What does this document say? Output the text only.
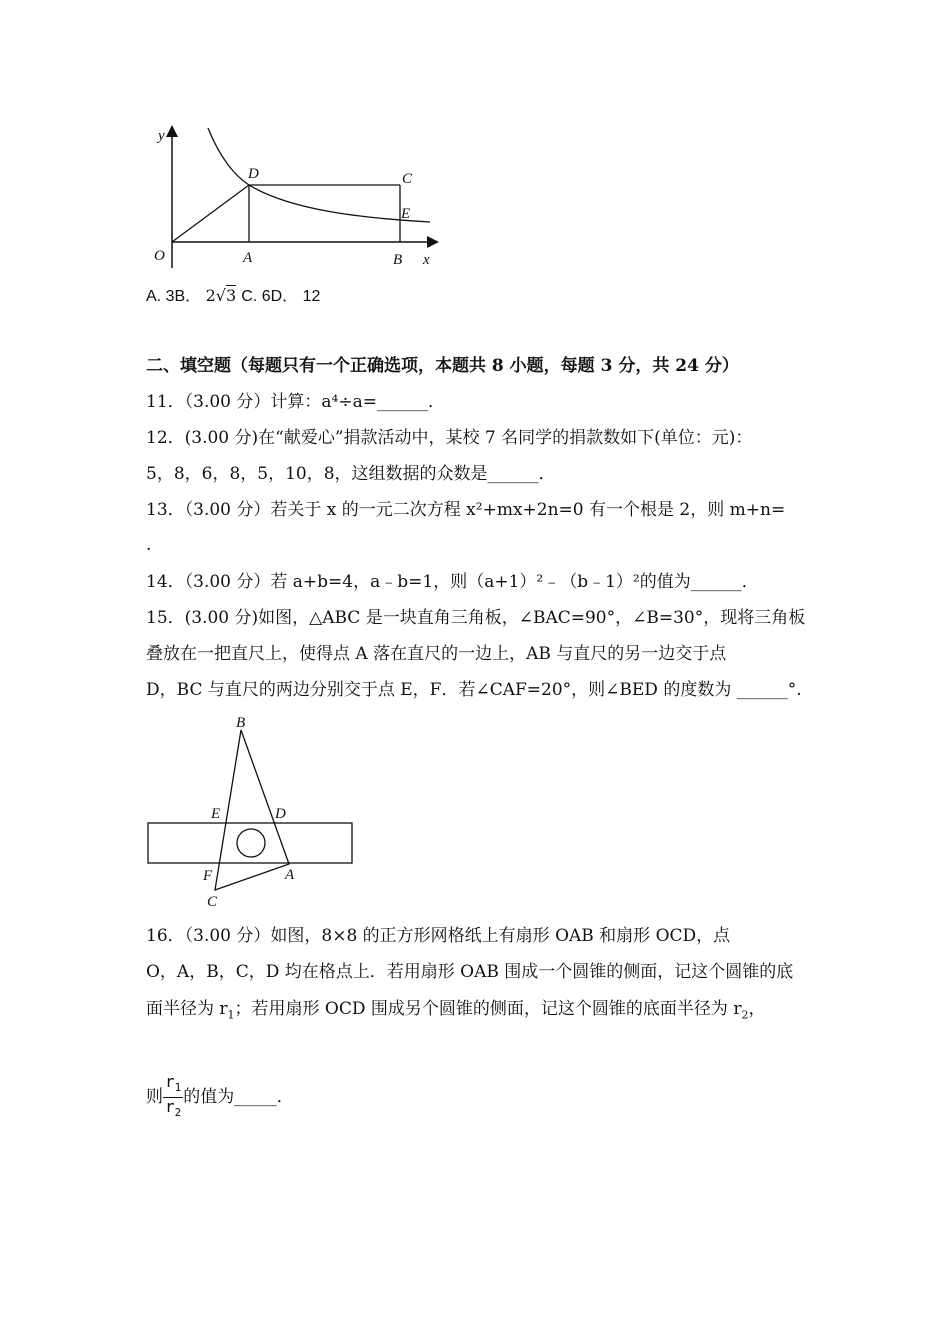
y
O	A	B x
D	C
E
A. 3B． 2√3 C. 6D． 12
二、填空题（每题只有一个正确选项，本题共 8 小题，每题 3 分，共 24 分）
11．（3.00 分）计算：a⁴÷a=______．
12．(3.00 分)在“献爱心”捐款活动中，某校 7 名同学的捐款数如下(单位：元)：
5，8，6，8，5，10，8，这组数据的众数是______．
13．（3.00 分）若关于 x 的一元二次方程 x²+mx+2n=0 有一个根是 2，则 m+n=
.
14．（3.00 分）若 a+b=4，a﹣b=1，则（a+1）²﹣（b﹣1）²的值为______．
15．(3.00 分)如图，△ABC 是一块直角三角板，∠BAC=90°，∠B=30°，现将三角板
叠放在一把直尺上，使得点 A 落在直尺的一边上，AB 与直尺的另一边交于点
D，BC 与直尺的两边分别交于点 E，F．若∠CAF=20°，则∠BED 的度数为 ______°.
B
E	D
F	A
C
16．（3.00 分）如图，8×8 的正方形网格纸上有扇形 OAB 和扇形 OCD，点
O，A，B，C，D 均在格点上．若用扇形 OAB 围成一个圆锥的侧面，记这个圆锥的底
面半径为 $r_1$；若用扇形 OCD 围成另个圆锥的侧面，记这个圆锥的底面半径为 $r_2$，
则 $\frac{r_1}{r_2}$ 的值为_____．
